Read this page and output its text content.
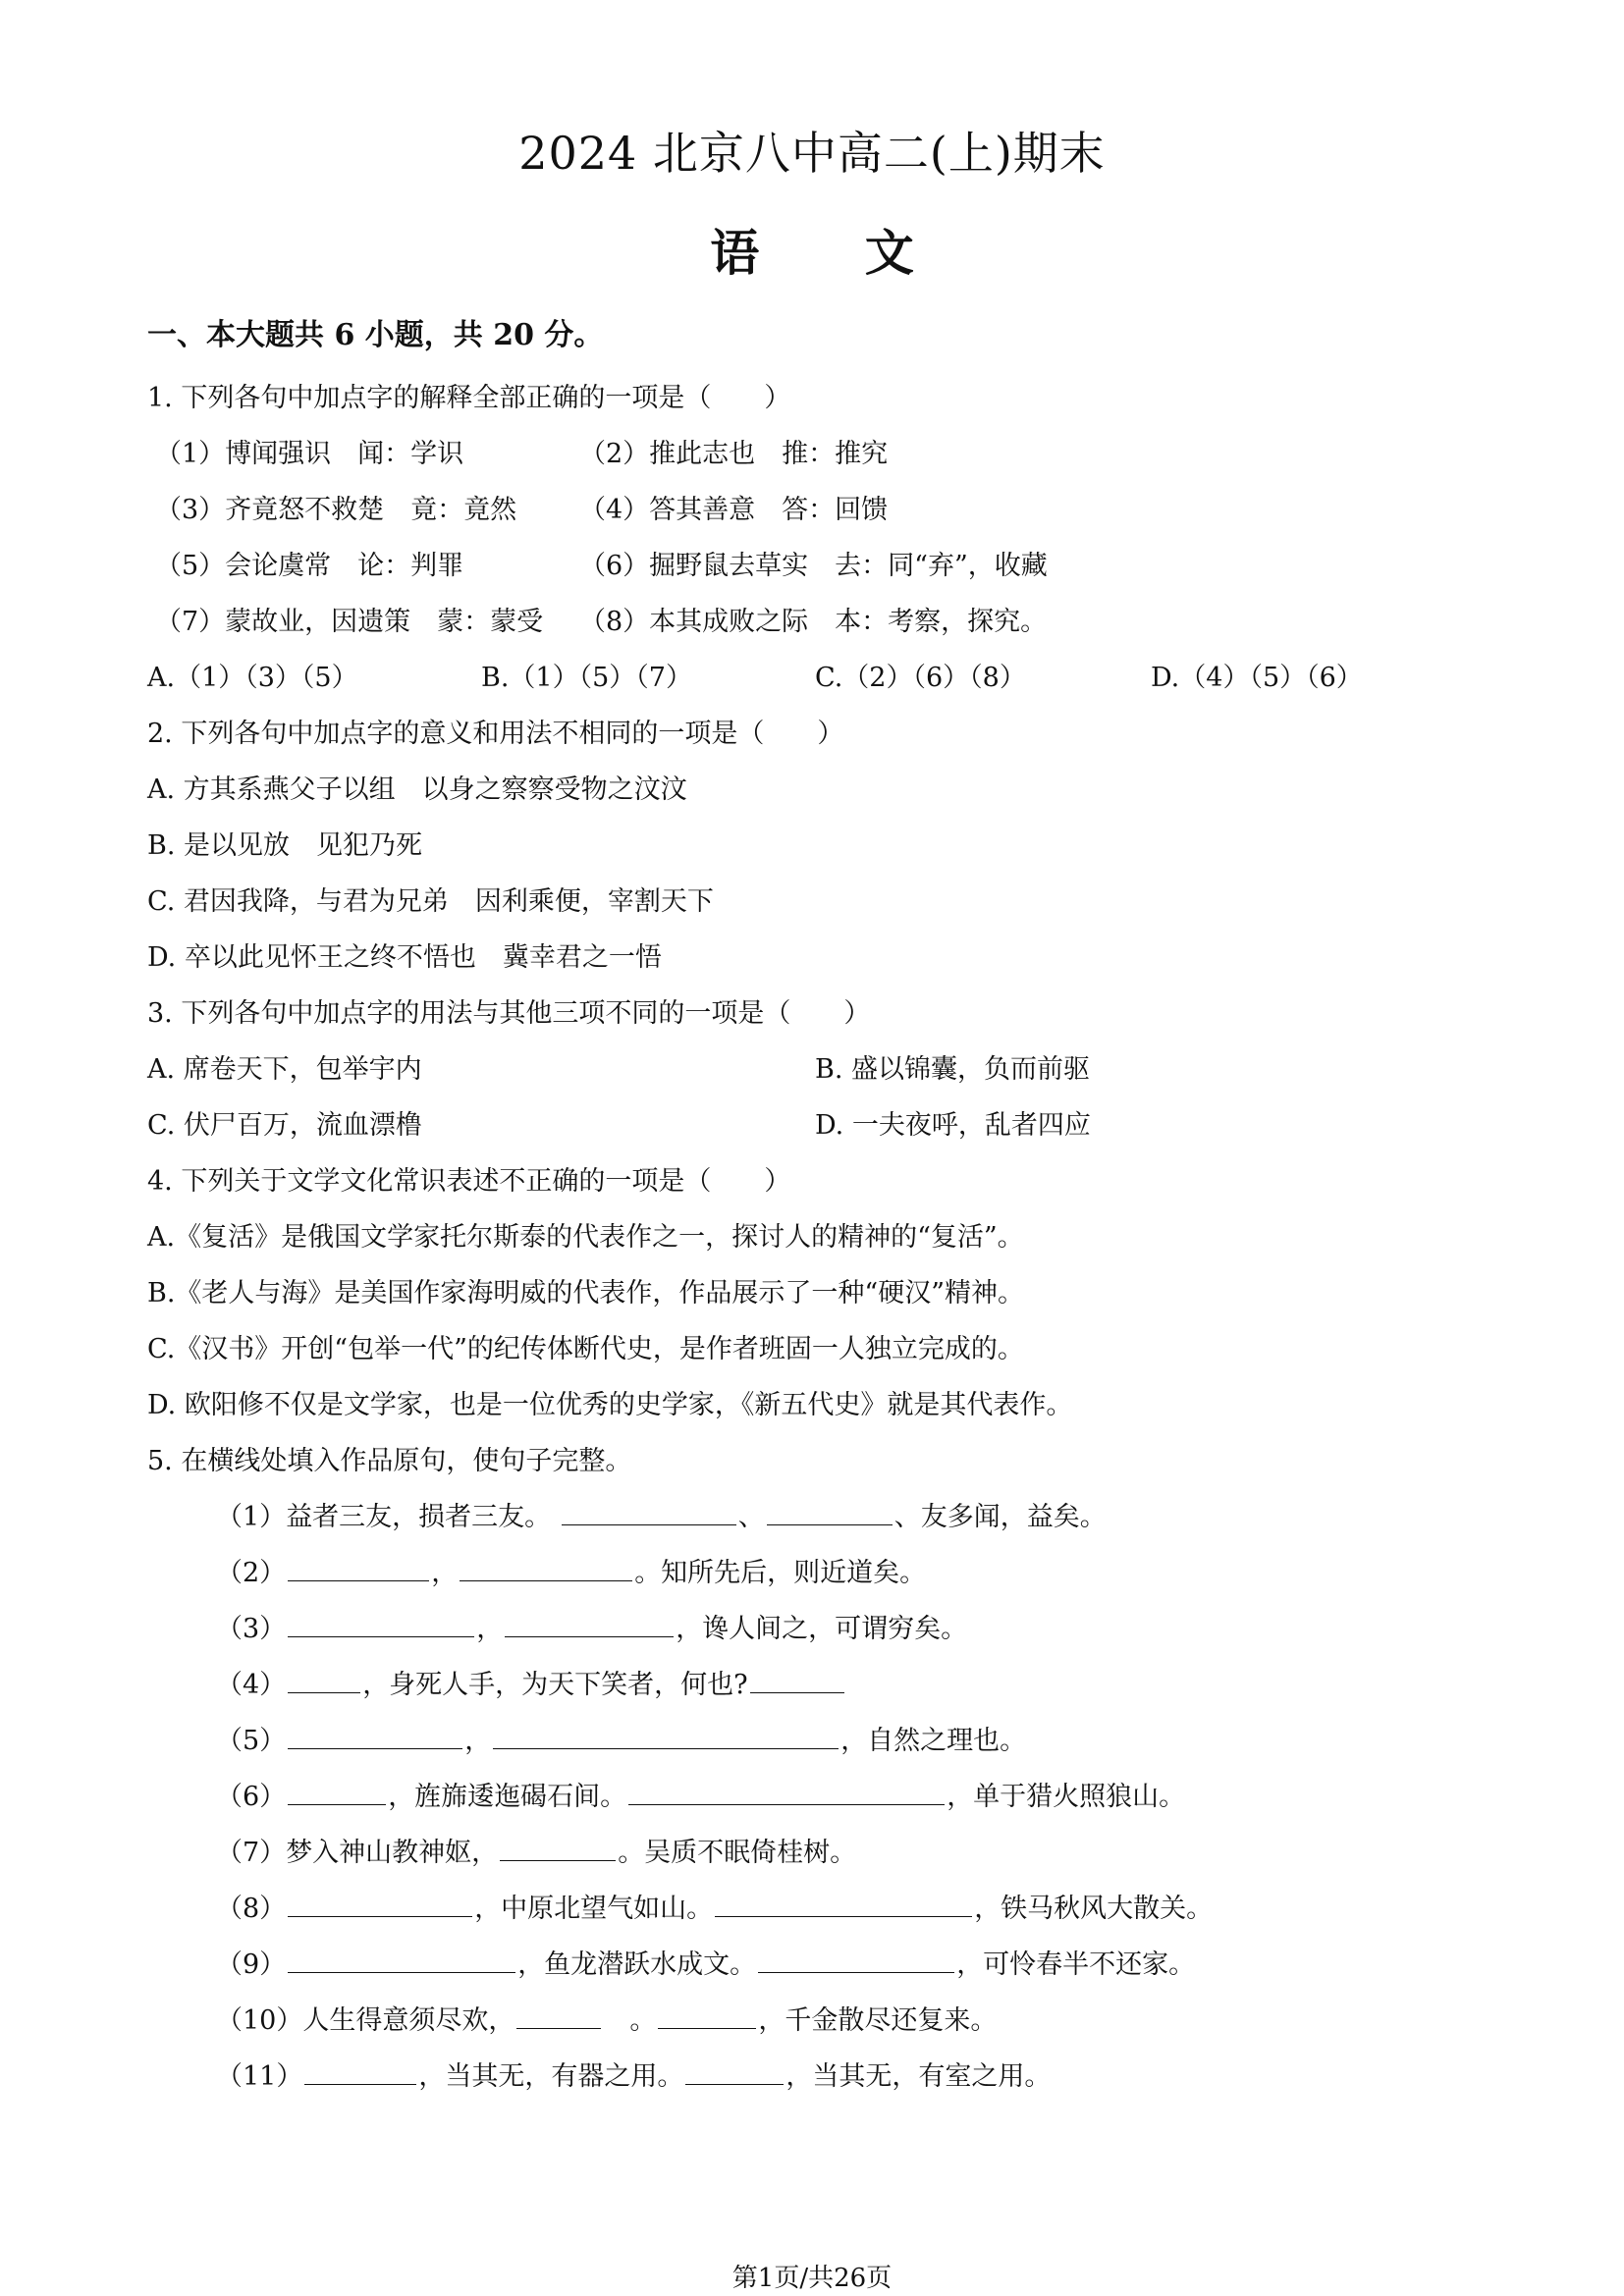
2024 北京八中高二(上)期末
语 文
一、本大题共 6 小题，共 20 分。
1. 下列各句中加点字的解释全部正确的一项是（　　）
（1）博闻强识　闻：学识	（2）推此志也　推：推究
（3）齐竟怒不救楚　竟：竟然 （4）答其善意　答：回馈
（5）会论虞常　论：判罪	（6）掘野鼠去草实　去：同“弃”，收藏
（7）蒙故业，因遗策　蒙：蒙受 （8）本其成败之际　本：考察，探究。
A.（1）（3）（5）	B.（1）（5）（7）	C.（2）（6）（8）	D.（4）（5）（6）
2. 下列各句中加点字的意义和用法不相同的一项是（　　）
A. 方其系燕父子以组　以身之察察受物之汶汶
B. 是以见放　见犯乃死
C. 君因我降，与君为兄弟　因利乘便，宰割天下
D. 卒以此见怀王之终不悟也　冀幸君之一悟
3. 下列各句中加点字的用法与其他三项不同的一项是（　　）
A. 席卷天下，包举宇内	B. 盛以锦囊，负而前驱
C. 伏尸百万，流血漂橹	D. 一夫夜呼，乱者四应
4. 下列关于文学文化常识表述不正确的一项是（　　）
A.《复活》是俄国文学家托尔斯泰的代表作之一，探讨人的精神的“复活”。
B.《老人与海》是美国作家海明威的代表作，作品展示了一种“硬汉”精神。
C.《汉书》开创“包举一代”的纪传体断代史，是作者班固一人独立完成的。
D. 欧阳修不仅是文学家，也是一位优秀的史学家，《新五代史》就是其代表作。
5. 在横线处填入作品原句，使句子完整。
（1）益者三友，损者三友。	、	、友多闻，益矣。
（2）	，	。知所先后，则近道矣。
（3）	，	，谗人间之，可谓穷矣。
（4）	，身死人手，为天下笑者，何也?
（5）	，	，自然之理也。
（6）	，旌旆逶迤碣石间。	，单于猎火照狼山。
（7）梦入神山教神妪，	。吴质不眠倚桂树。
（8）	，中原北望气如山。	，铁马秋风大散关。
（9）	，鱼龙潜跃水成文。	，可怜春半不还家。
（10）人生得意须尽欢，　	。	，千金散尽还复来。
（11）	，当其无，有器之用。	，当其无，有室之用。
第1页/共26页
